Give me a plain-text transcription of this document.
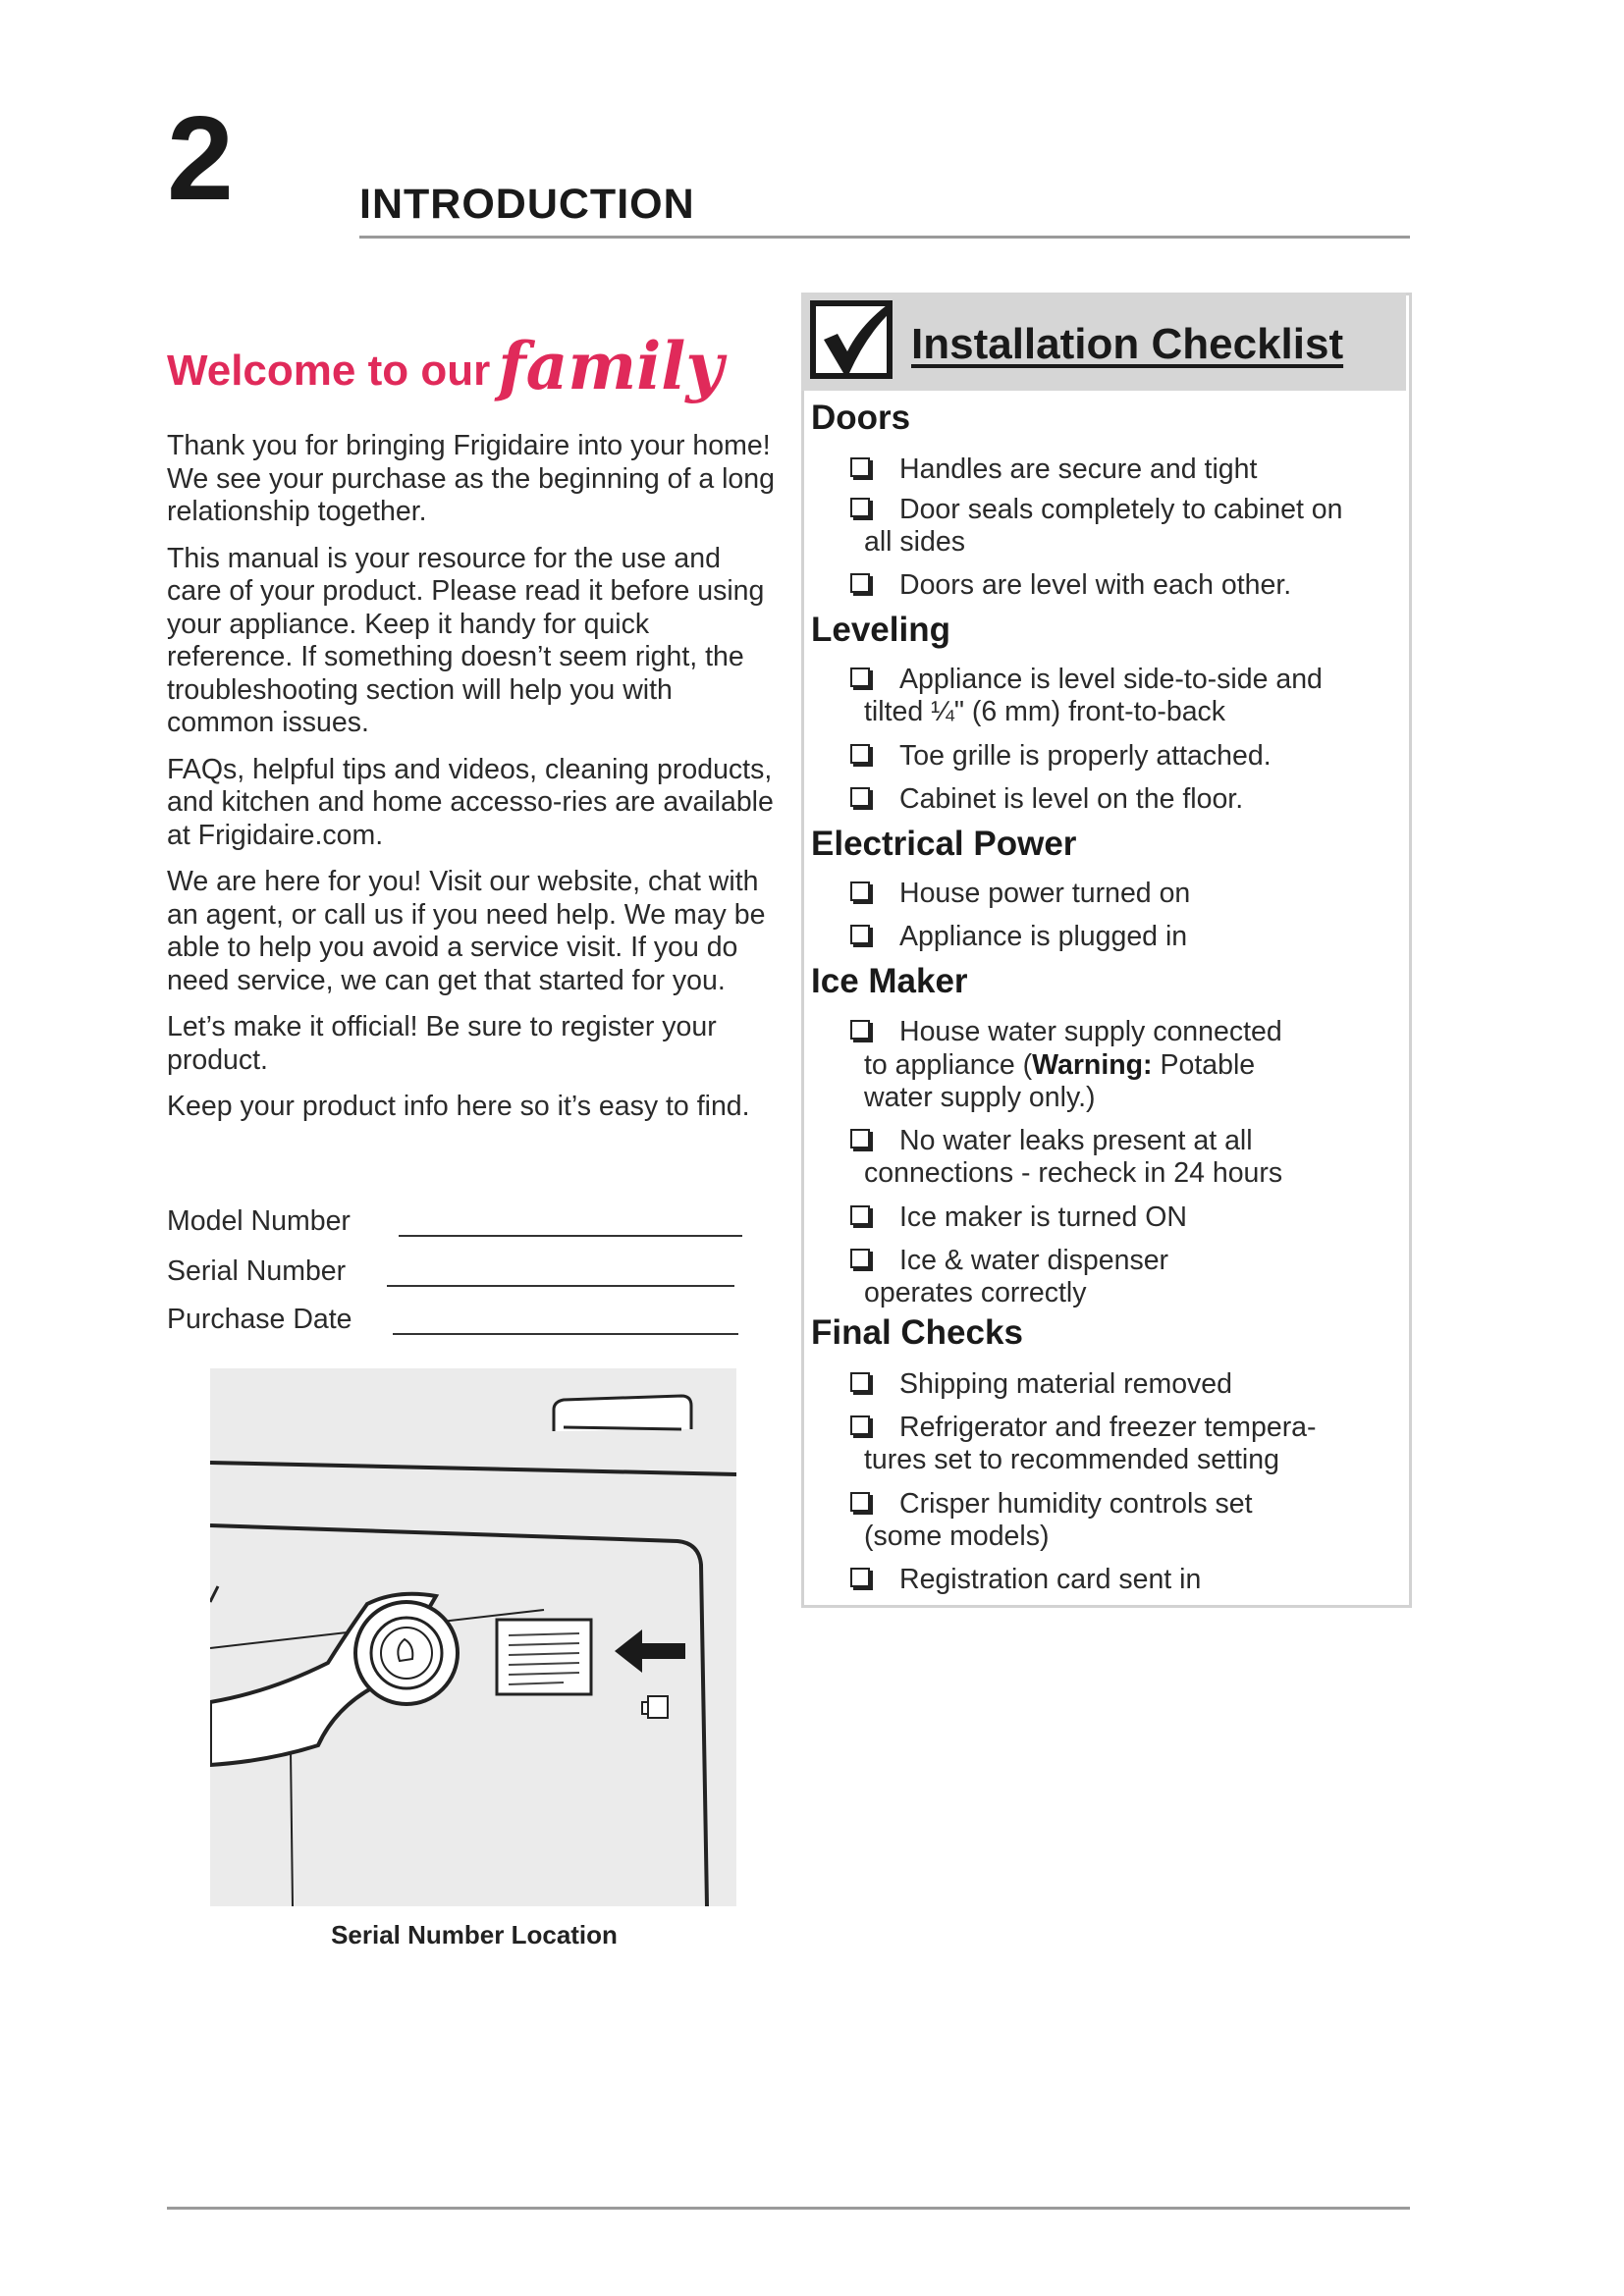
2	INTRODUCTION
Welcome to our family

Thank you for bringing Frigidaire into your home! We see your purchase as the beginning of a long relationship together.

This manual is your resource for the use and care of your product. Please read it before using your appliance. Keep it handy for quick reference. If something doesn’t seem right, the troubleshooting section will help you with common issues.

FAQs, helpful tips and videos, cleaning products, and kitchen and home accesso-ries are available at Frigidaire.com.

We are here for you! Visit our website, chat with an agent, or call us if you need help. We may be able to help you avoid a service visit. If you do need service, we can get that started for you.

Let’s make it official! Be sure to register your product.

Keep your product info here so it’s easy to find.

Model Number
Serial Number
Purchase Date
Serial Number Location
Installation Checklist
Doors
Handles are secure and tight
Door seals completely to cabinet on
all sides
Doors are level with each other.
Leveling
Appliance is level side-to-side and
tilted ¼" (6 mm) front-to-back
Toe grille is properly attached.
Cabinet is level on the floor.
Electrical Power
House power turned on
Appliance is plugged in
Ice Maker
House water supply connected
to appliance (Warning: Potable
water supply only.)
No water leaks present at all
connections - recheck in 24 hours
Ice maker is turned ON
Ice & water dispenser
operates correctly
Final Checks
Shipping material removed
Refrigerator and freezer tempera-
tures set to recommended setting
Crisper humidity controls set
(some models)
Registration card sent in
